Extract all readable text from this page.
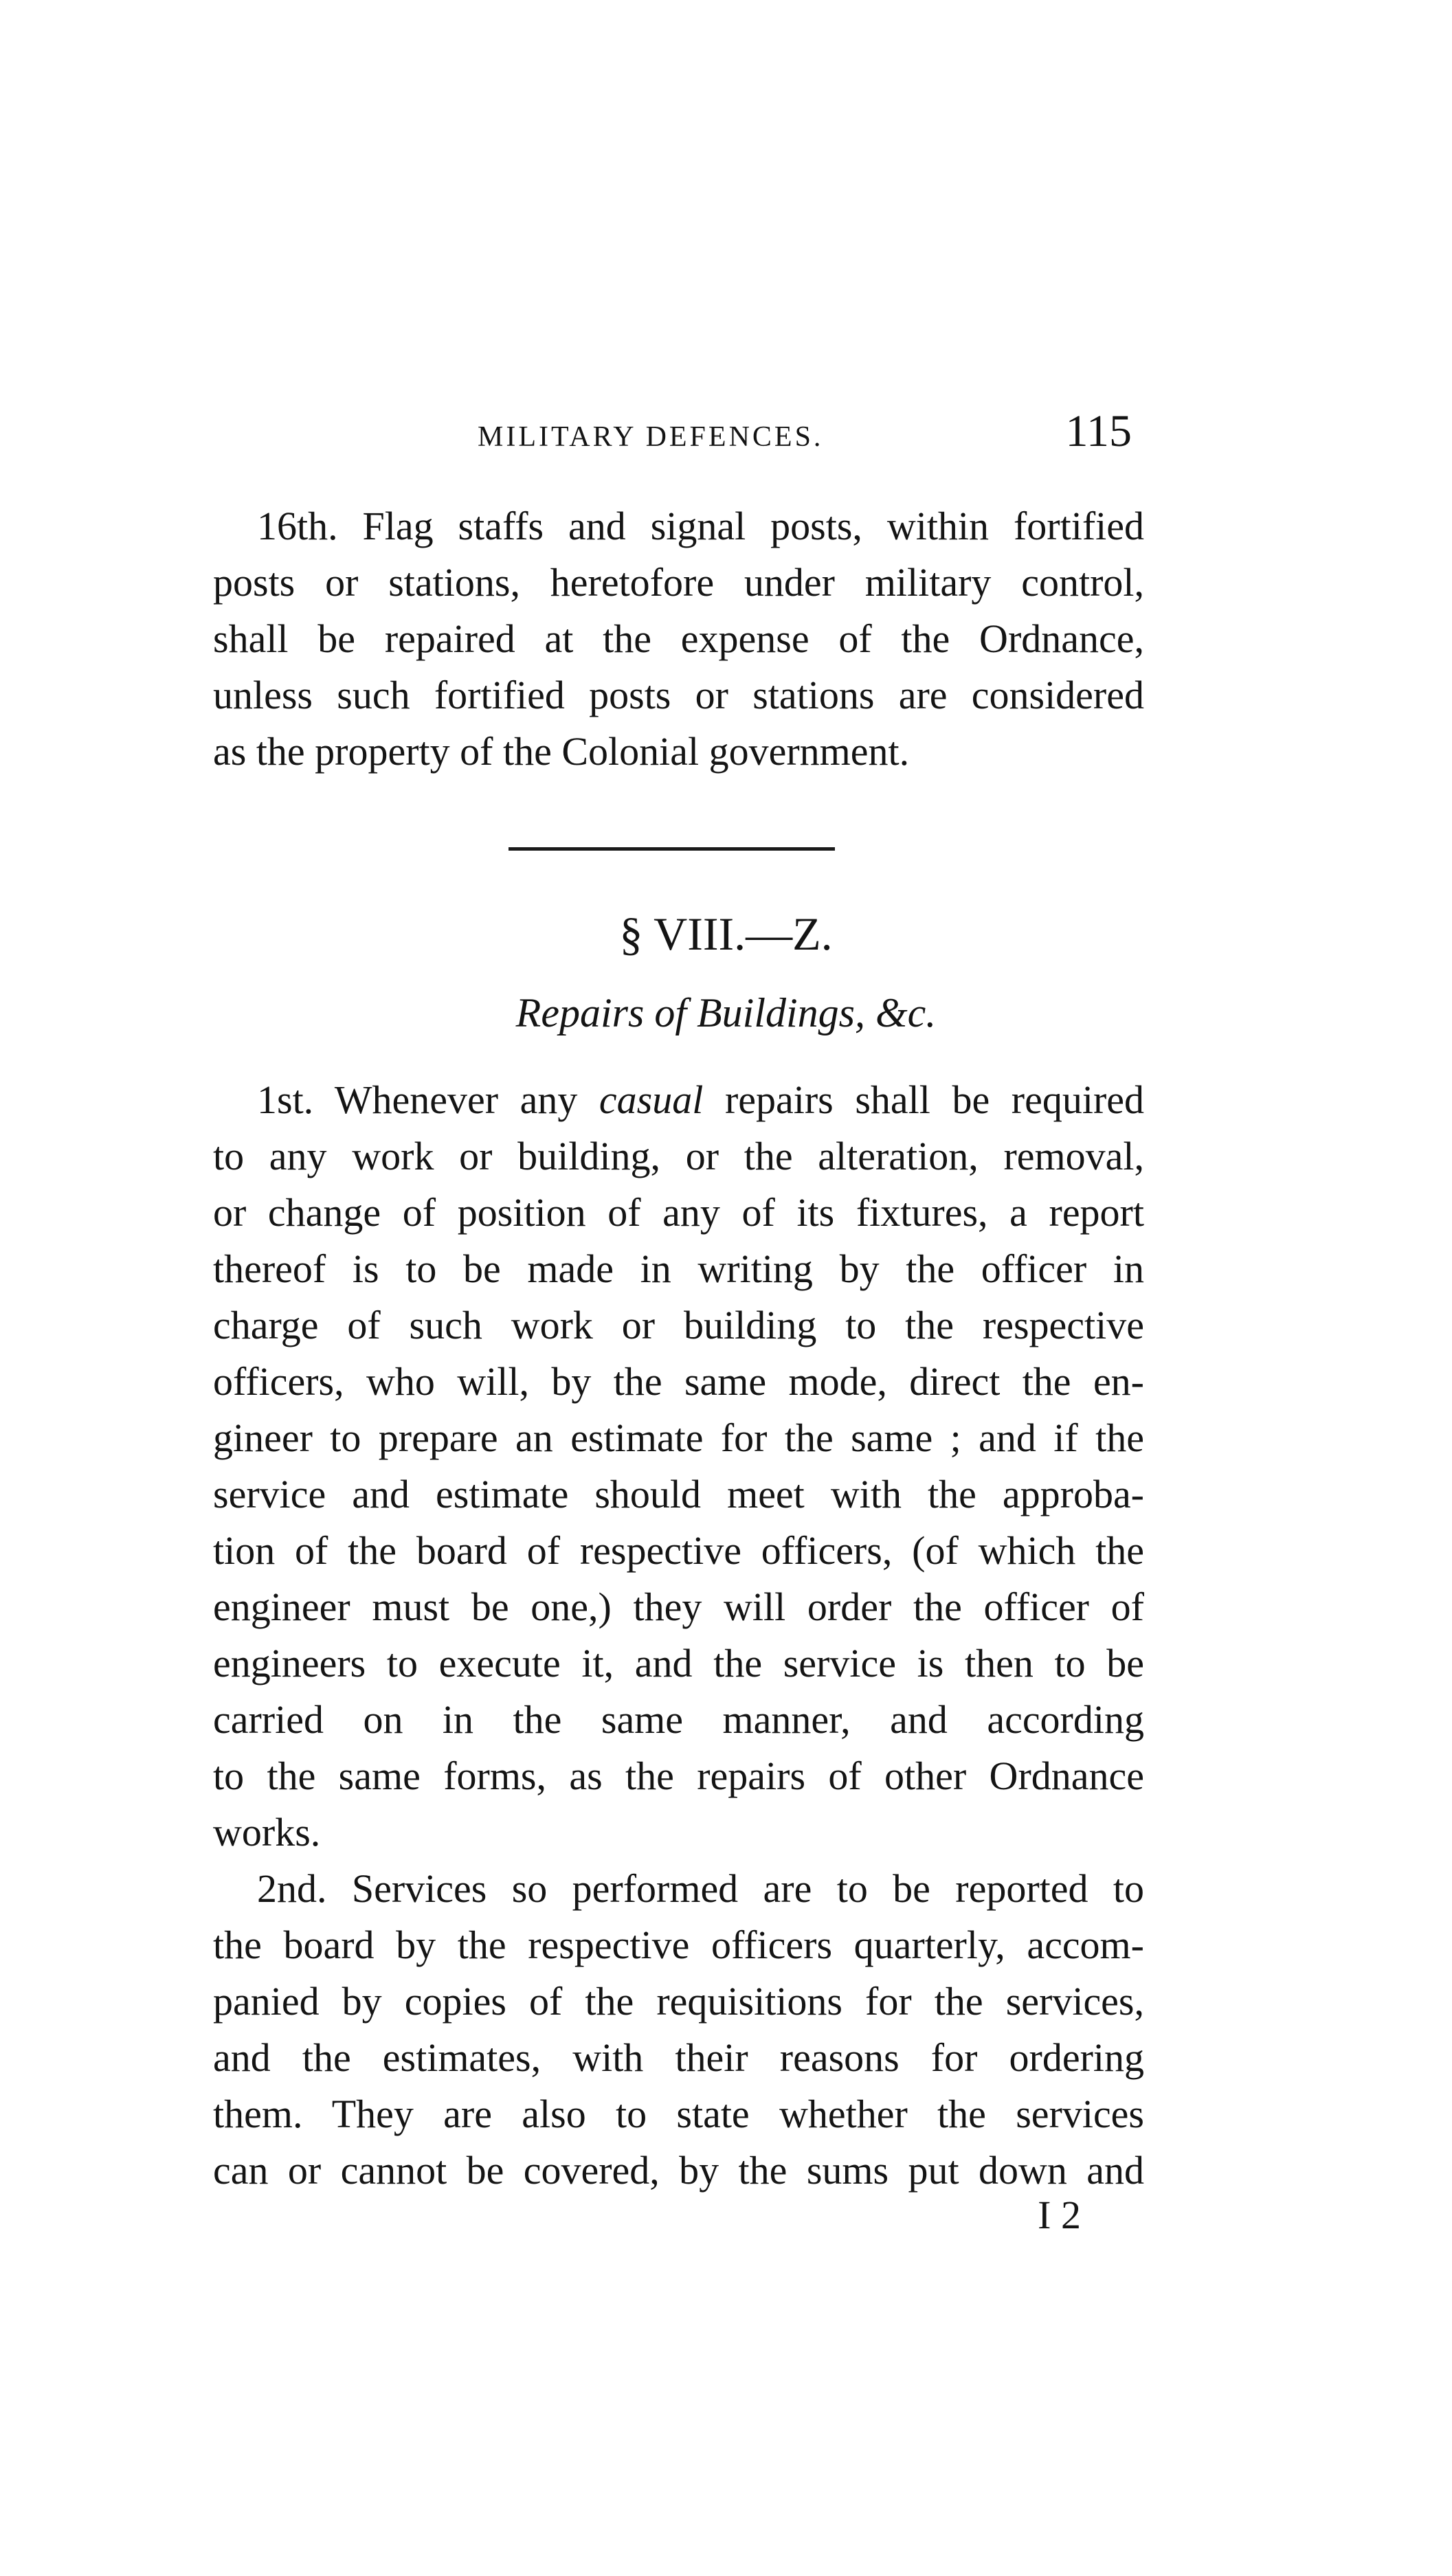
MILITARY DEFENCES.	115
16th. Flag staffs and signal posts, within fortified
posts or stations, heretofore under military control,
shall be repaired at the expense of the Ordnance,
unless such fortified posts or stations are considered
as the property of the Colonial government.
§ VIII.—Z.
Repairs of Buildings, &c.
1st. Whenever any casual repairs shall be required
to any work or building, or the alteration, removal,
or change of position of any of its fixtures, a report
thereof is to be made in writing by the officer in
charge of such work or building to the respective
officers, who will, by the same mode, direct the en-
gineer to prepare an estimate for the same ; and if the
service and estimate should meet with the approba-
tion of the board of respective officers, (of which the
engineer must be one,) they will order the officer of
engineers to execute it, and the service is then to be
carried on in the same manner, and according
to the same forms, as the repairs of other Ordnance
works.
2nd. Services so performed are to be reported to
the board by the respective officers quarterly, accom-
panied by copies of the requisitions for the services,
and the estimates, with their reasons for ordering
them. They are also to state whether the services
can or cannot be covered, by the sums put down and
I 2
